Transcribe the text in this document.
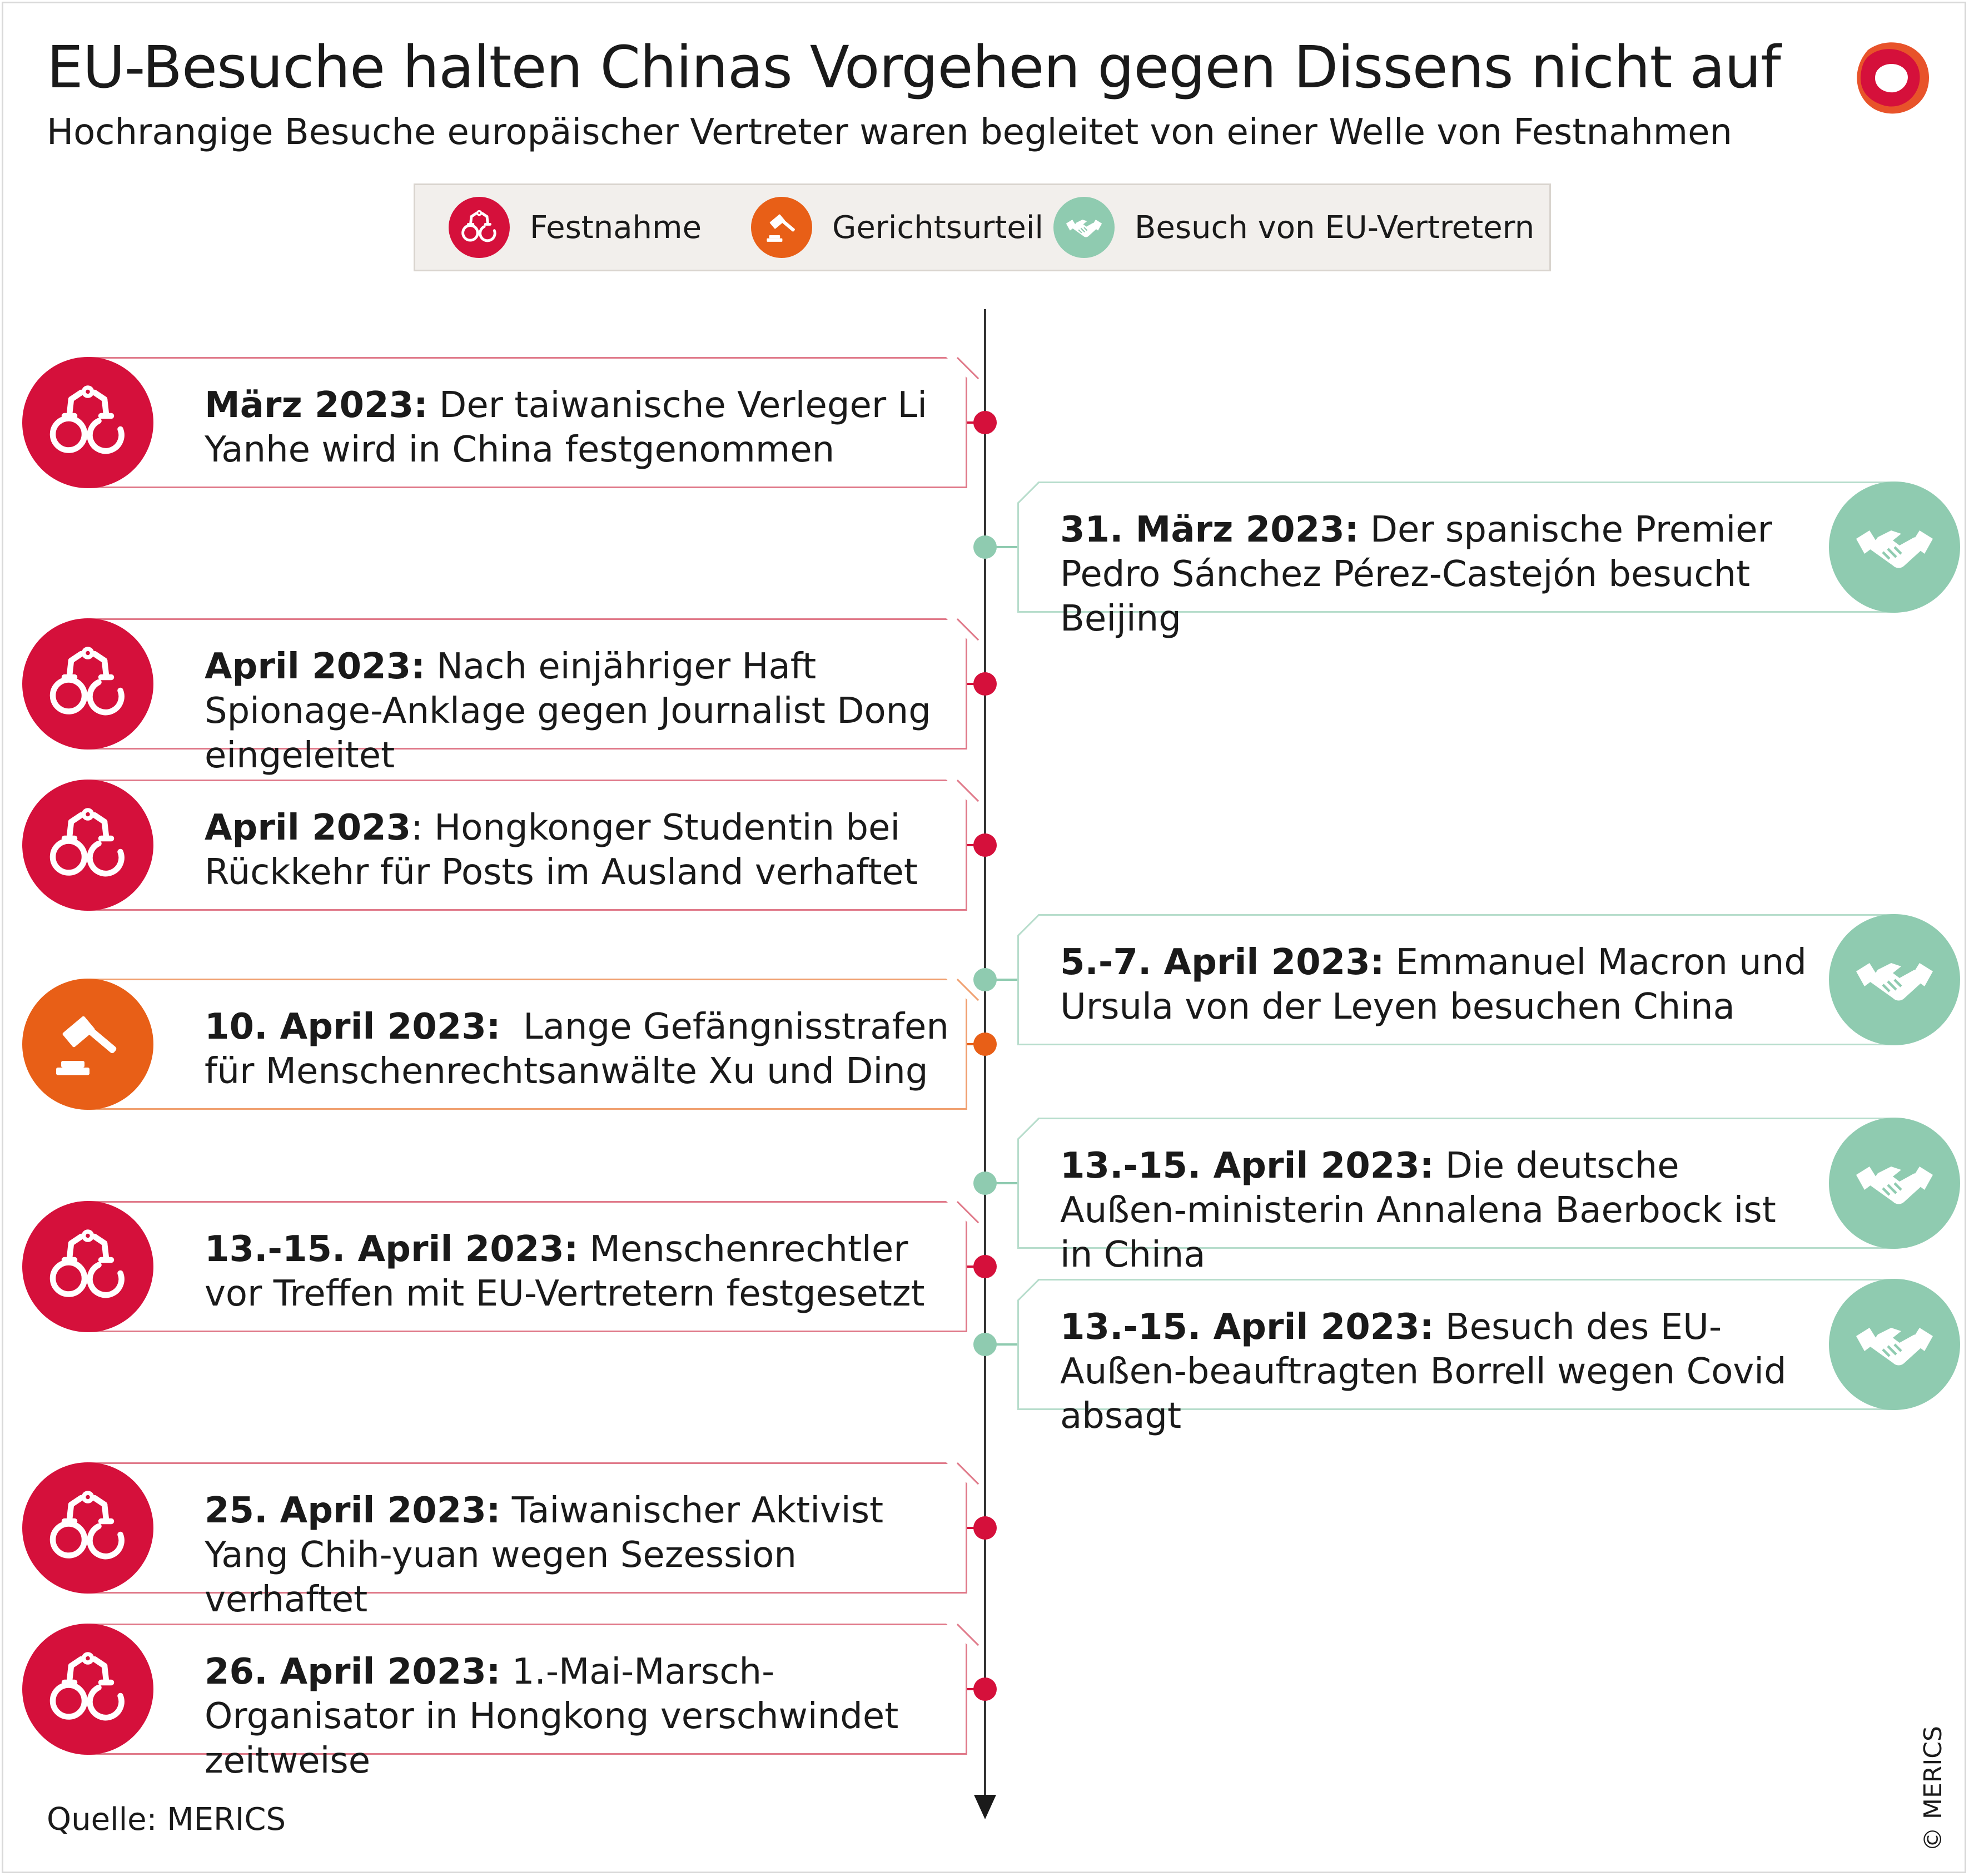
EU-Besuche halten Chinas Vorgehen gegen Dissens nicht auf
Hochrangige Besuche europäischer Vertreter waren begleitet von einer Welle von Festnahmen
Festnahme	Gerichtsurteil	Besuch von EU-Vertretern
März 2023: Der taiwanische Verleger Li Yanhe wird in China festgenommen
31. März 2023: Der spanische Premier Pedro Sánchez Pérez-Castejón besucht Beijing
April 2023: Nach einjähriger Haft Spionage-Anklage gegen Journalist Dong eingeleitet
April 2023: Hongkonger Studentin bei Rückkehr für Posts im Ausland verhaftet
5.-7. April 2023: Emmanuel Macron und Ursula von der Leyen besuchen China
10. April 2023:  Lange Gefängnisstrafen für Menschenrechtsanwälte Xu und Ding
13.-15. April 2023: Die deutsche Außen-ministerin Annalena Baerbock ist in China
13.-15. April 2023: Menschenrechtler vor Treffen mit EU-Vertretern festgesetzt
13.-15. April 2023: Besuch des EU-Außen-beauftragten Borrell wegen Covid absagt
25. April 2023: Taiwanischer Aktivist Yang Chih-yuan wegen Sezession verhaftet
26. April 2023: 1.-Mai-Marsch-Organisator in Hongkong verschwindet zeitweise
Quelle: MERICS	© MERICS
